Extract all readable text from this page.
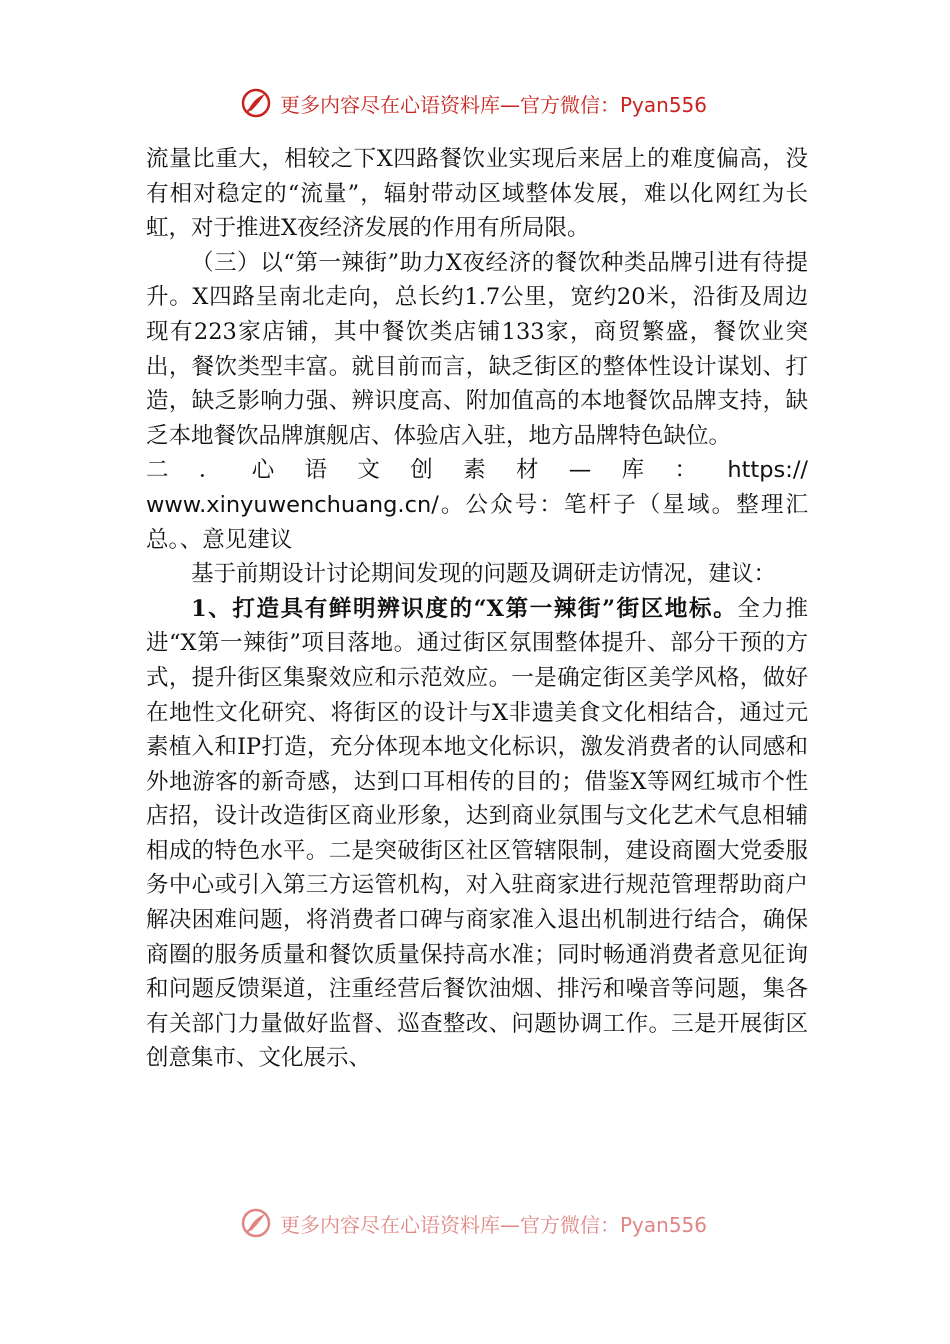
更多内容尽在心语资料库—官方微信：Pyan556

流量比重大，相较之下X四路餐饮业实现后来居上的难度偏高，没有相对稳定的“流量”，辐射带动区域整体发展，难以化网红为长虹，对于推进X夜经济发展的作用有所局限。

（三）以“第一辣街”助力X夜经济的餐饮种类品牌引进有待提升。X四路呈南北走向，总长约1.7公里，宽约20米，沿街及周边现有223家店铺，其中餐饮类店铺133家，商贸繁盛，餐饮业突出，餐饮类型丰富。就目前而言，缺乏街区的整体性设计谋划、打造，缺乏影响力强、辨识度高、附加值高的本地餐饮品牌支持，缺乏本地餐饮品牌旗舰店、体验店入驻，地方品牌特色缺位。

二．心语文创素材—库：https://

www.xinyuwenchuang.cn/。公众号：笔杆子（星域。整理汇总。、意见建议

基于前期设计讨论期间发现的问题及调研走访情况，建议：

1、打造具有鲜明辨识度的“X第一辣街”街区地标。全力推进“X第一辣街”项目落地。通过街区氛围整体提升、部分干预的方式，提升街区集聚效应和示范效应。一是确定街区美学风格，做好在地性文化研究、将街区的设计与X非遗美食文化相结合，通过元素植入和IP打造，充分体现本地文化标识，激发消费者的认同感和外地游客的新奇感，达到口耳相传的目的；借鉴X等网红城市个性店招，设计改造街区商业形象，达到商业氛围与文化艺术气息相辅相成的特色水平。二是突破街区社区管辖限制，建设商圈大党委服务中心或引入第三方运管机构，对入驻商家进行规范管理帮助商户解决困难问题，将消费者口碑与商家准入退出机制进行结合，确保商圈的服务质量和餐饮质量保持高水准；同时畅通消费者意见征询和问题反馈渠道，注重经营后餐饮油烟、排污和噪音等问题，集各有关部门力量做好监督、巡查整改、问题协调工作。三是开展街区创意集市、文化展示、

更多内容尽在心语资料库—官方微信：Pyan556
